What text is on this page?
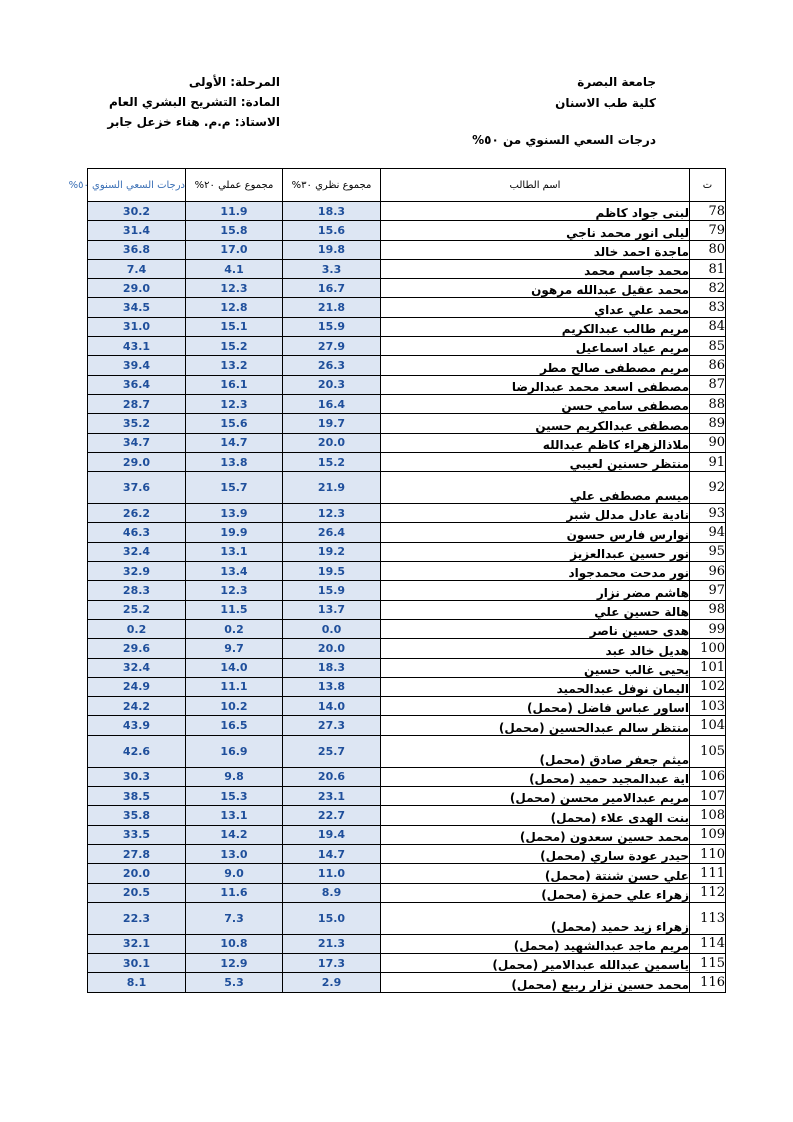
جامعة البصرة
كلية طب الاسنان
المرحلة: الأولى
المادة: التشريح البشري العام
الاستاذ: م.م. هناء خزعل جابر
درجات السعي السنوي من ٥٠%
ت	اسم الطالب	مجموع نظري ٣٠%	مجموع عملي ٢٠%	درجات السعي السنوي ٥٠%
78	لبنى جواد كاظم	18.3	11.9	30.2
79	ليلى انور محمد ناجي	15.6	15.8	31.4
80	ماجدة احمد خالد	19.8	17.0	36.8
81	محمد جاسم محمد	3.3	4.1	7.4
82	محمد عقيل عبدالله مرهون	16.7	12.3	29.0
83	محمد علي عداي	21.8	12.8	34.5
84	مريم طالب عبدالكريم	15.9	15.1	31.0
85	مريم عياد اسماعيل	27.9	15.2	43.1
86	مريم مصطفى صالح مطر	26.3	13.2	39.4
87	مصطفى اسعد محمد عبدالرضا	20.3	16.1	36.4
88	مصطفى سامي حسن	16.4	12.3	28.7
89	مصطفى عبدالكريم حسين	19.7	15.6	35.2
90	ملاذالزهراء كاظم عبدالله	20.0	14.7	34.7
91	منتظر حسنين لعيبي	15.2	13.8	29.0
92	ميسم مصطفى علي	21.9	15.7	37.6
93	نادية عادل مدلل شبر	12.3	13.9	26.2
94	نوارس فارس حسون	26.4	19.9	46.3
95	نور حسين عبدالعزيز	19.2	13.1	32.4
96	نور مدحت محمدجواد	19.5	13.4	32.9
97	هاشم مضر نزار	15.9	12.3	28.3
98	هالة حسين علي	13.7	11.5	25.2
99	هدى حسين ناصر	0.0	0.2	0.2
100	هديل خالد عبد	20.0	9.7	29.6
101	يحيى غالب حسين	18.3	14.0	32.4
102	اليمان نوفل عبدالحميد	13.8	11.1	24.9
103	اساور عباس فاضل (محمل)	14.0	10.2	24.2
104	منتظر سالم عبدالحسين (محمل)	27.3	16.5	43.9
105	ميثم جعفر صادق (محمل)	25.7	16.9	42.6
106	اية عبدالمجيد حميد (محمل)	20.6	9.8	30.3
107	مريم عبدالامير محسن (محمل)	23.1	15.3	38.5
108	بنت الهدى علاء (محمل)	22.7	13.1	35.8
109	محمد حسين سعدون (محمل)	19.4	14.2	33.5
110	حيدر عودة ساري (محمل)	14.7	13.0	27.8
111	علي حسن شنتة (محمل)	11.0	9.0	20.0
112	زهراء علي حمزة (محمل)	8.9	11.6	20.5
113	زهراء زيد حميد (محمل)	15.0	7.3	22.3
114	مريم ماجد عبدالشهيد (محمل)	21.3	10.8	32.1
115	ياسمين عبدالله عبدالامير (محمل)	17.3	12.9	30.1
116	محمد حسين نزار ربيع (محمل)	2.9	5.3	8.1
